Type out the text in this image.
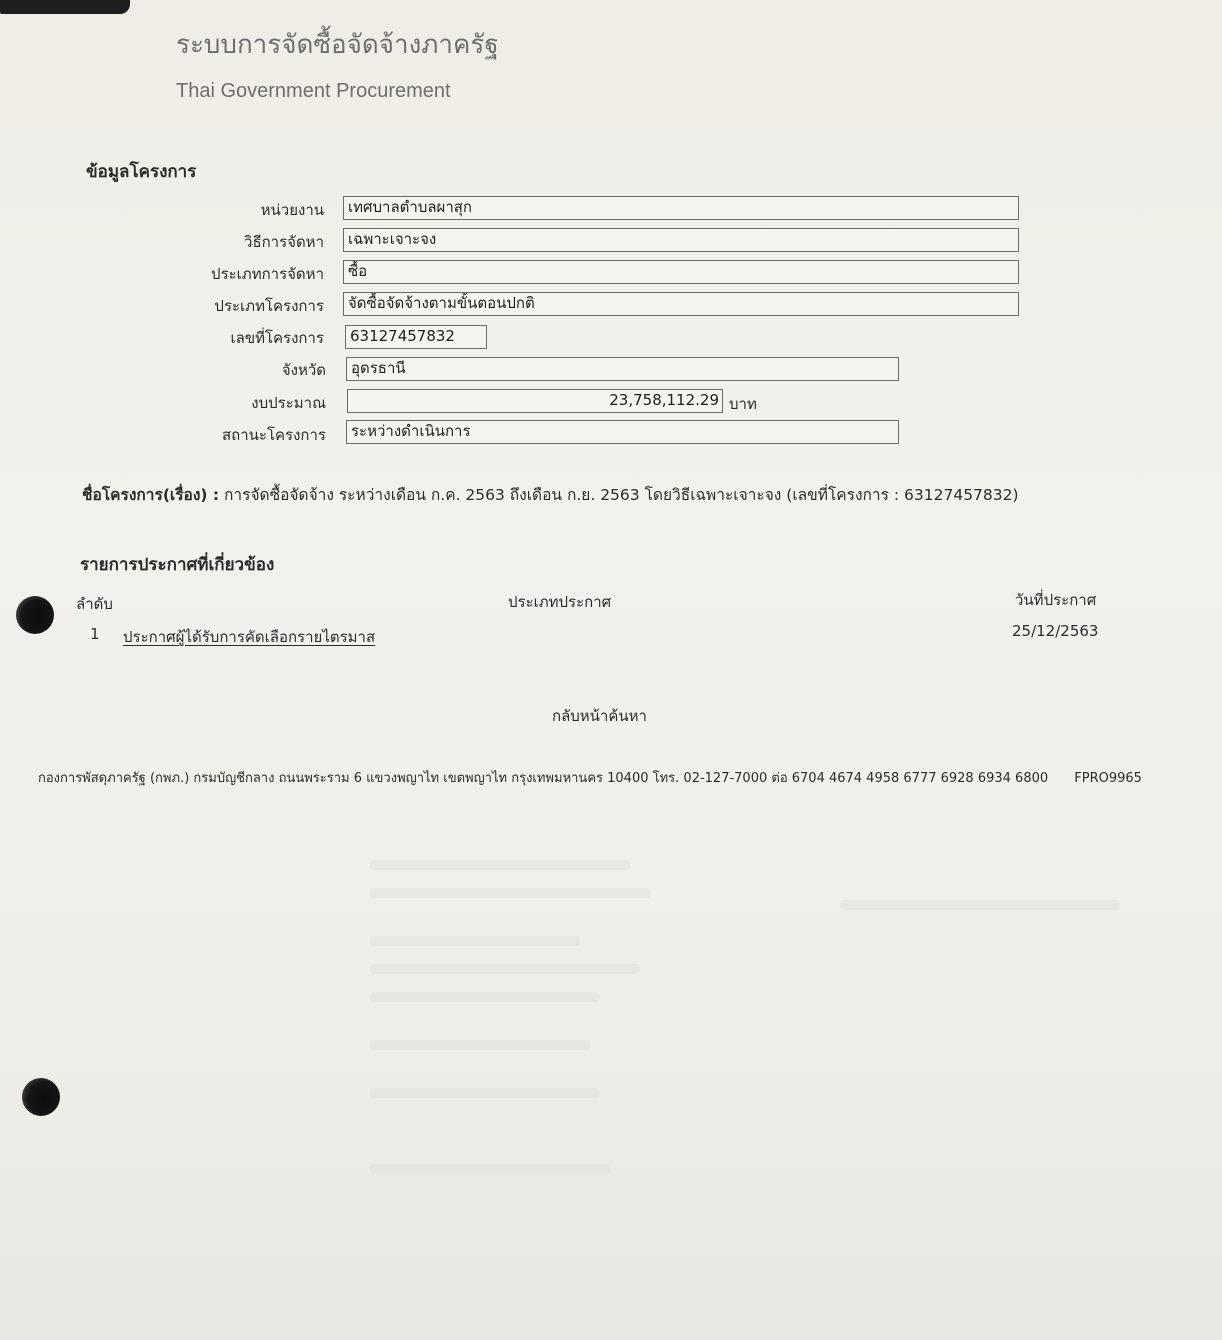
ระบบการจัดซื้อจัดจ้างภาครัฐ
Thai Government Procurement
ข้อมูลโครงการ
หน่วยงาน	เทศบาลตำบลผาสุก
วิธีการจัดหา	เฉพาะเจาะจง
ประเภทการจัดหา	ซื้อ
ประเภทโครงการ	จัดซื้อจัดจ้างตามขั้นตอนปกติ
เลขที่โครงการ	63127457832
จังหวัด	อุดรธานี
งบประมาณ	23,758,112.29 บาท
สถานะโครงการ	ระหว่างดำเนินการ
ชื่อโครงการ(เรื่อง) : การจัดซื้อจัดจ้าง ระหว่างเดือน ก.ค. 2563 ถึงเดือน ก.ย. 2563 โดยวิธีเฉพาะเจาะจง (เลขที่โครงการ : 63127457832)
รายการประกาศที่เกี่ยวข้อง
ลำดับ	ประเภทประกาศ	วันที่ประกาศ
1 ประกาศผู้ได้รับการคัดเลือกรายไตรมาส	25/12/2563
กลับหน้าค้นหา
กองการพัสดุภาครัฐ (กพภ.) กรมบัญชีกลาง ถนนพระราม 6 แขวงพญาไท เขตพญาไท กรุงเทพมหานคร 10400 โทร. 02-127-7000 ต่อ 6704 4674 4958 6777 6928 6934 6800 FPRO9965
